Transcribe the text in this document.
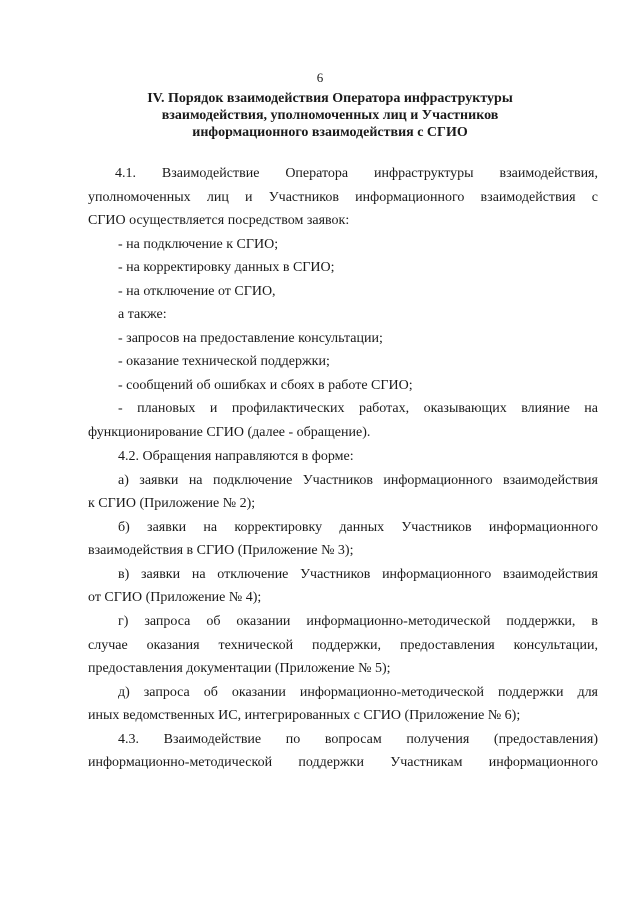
6
IV. Порядок взаимодействия Оператора инфраструктуры
взаимодействия, уполномоченных лиц и Участников
информационного взаимодействия с СГИО
4.1. Взаимодействие Оператора инфраструктуры взаимодействия,
уполномоченных лиц и Участников информационного взаимодействия с
СГИО осуществляется посредством заявок:
- на подключение к СГИО;
- на корректировку данных в СГИО;
- на отключение от СГИО,
а также:
- запросов на предоставление консультации;
- оказание технической поддержки;
- сообщений об ошибках и сбоях в работе СГИО;
- плановых и профилактических работах, оказывающих влияние на
функционирование СГИО (далее - обращение).
4.2. Обращения направляются в форме:
а) заявки на подключение Участников информационного взаимодействия
к СГИО (Приложение № 2);
б) заявки на корректировку данных Участников информационного
взаимодействия в СГИО (Приложение № 3);
в) заявки на отключение Участников информационного взаимодействия
от СГИО (Приложение № 4);
г) запроса об оказании информационно-методической поддержки, в
случае оказания технической поддержки, предоставления консультации,
предоставления документации (Приложение № 5);
д) запроса об оказании информационно-методической поддержки для
иных ведомственных ИС, интегрированных с СГИО (Приложение № 6);
4.3. Взаимодействие по вопросам получения (предоставления)
информационно-методической поддержки Участникам информационного
